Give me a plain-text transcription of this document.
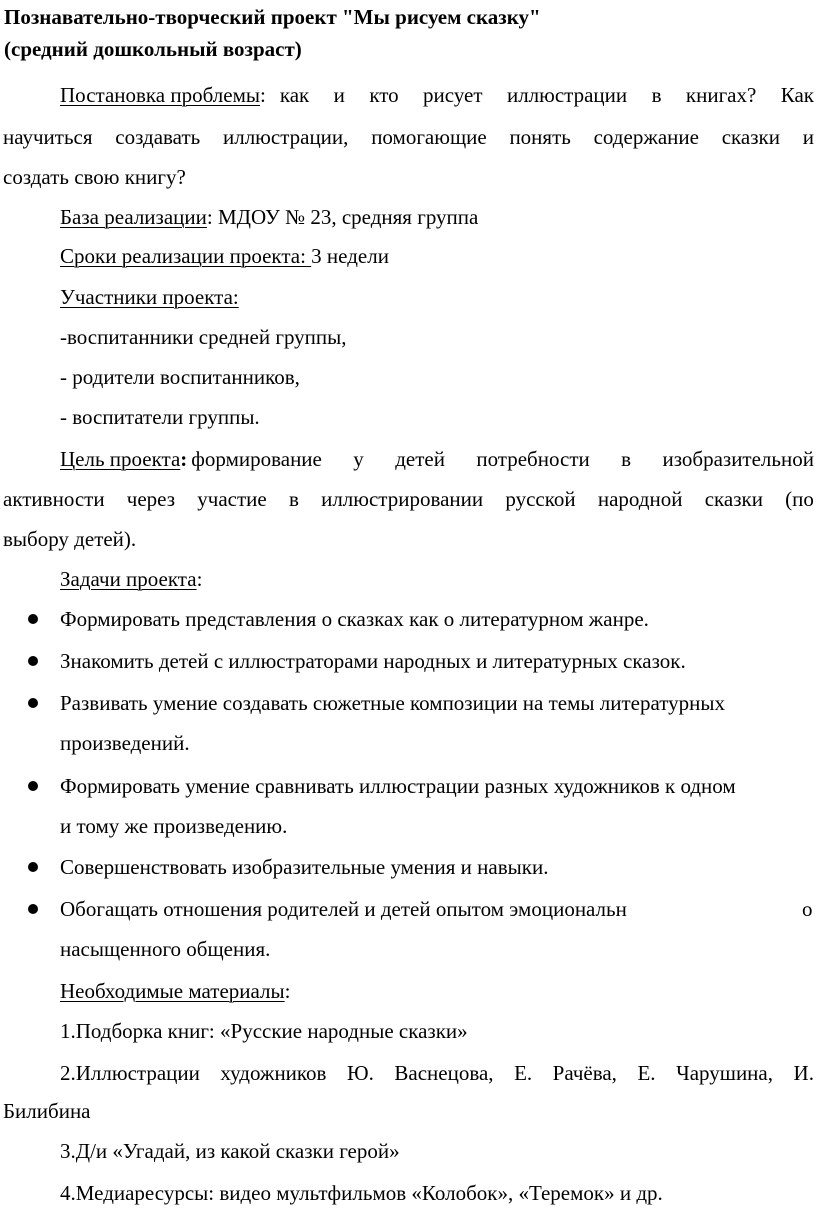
Познавательно-творческий проект "Мы рисуем сказку"
(средний дошкольный возраст)
Постановка проблемы : как и кто рисует иллюстрации в книгах? Как
научиться создавать иллюстрации, помогающие понять содержание сказки и
создать свою книгу?
База реализации: МДОУ № 23, средняя группа
Сроки реализации проекта: 3 недели
Участники проекта:
-воспитанники средней группы,
- родители воспитанников,
- воспитатели группы.
Цель проекта : формирование у детей потребности в изобразительной
активности через участие в иллюстрировании русской народной сказки (по
выбору детей).
Задачи проекта:
Формировать представления о сказках как о литературном жанре.
Знакомить детей с иллюстраторами народных и литературных сказок.
Развивать умение создавать сюжетные композиции на темы литературных
произведений.
Формировать умение сравнивать иллюстрации разных художников к одном
и тому же произведению.
Совершенствовать изобразительные умения и навыки.
Обогащать отношения родителей и детей опытом эмоциональн	о
насыщенного общения.
Необходимые материалы:
1.Подборка книг: «Русские народные сказки»
2.Иллюстрации художников Ю. Васнецова, Е. Рачёва, Е. Чарушина, И.
Билибина
3.Д/и «Угадай, из какой сказки герой»
4.Медиаресурсы: видео мультфильмов «Колобок», «Теремок» и др.
